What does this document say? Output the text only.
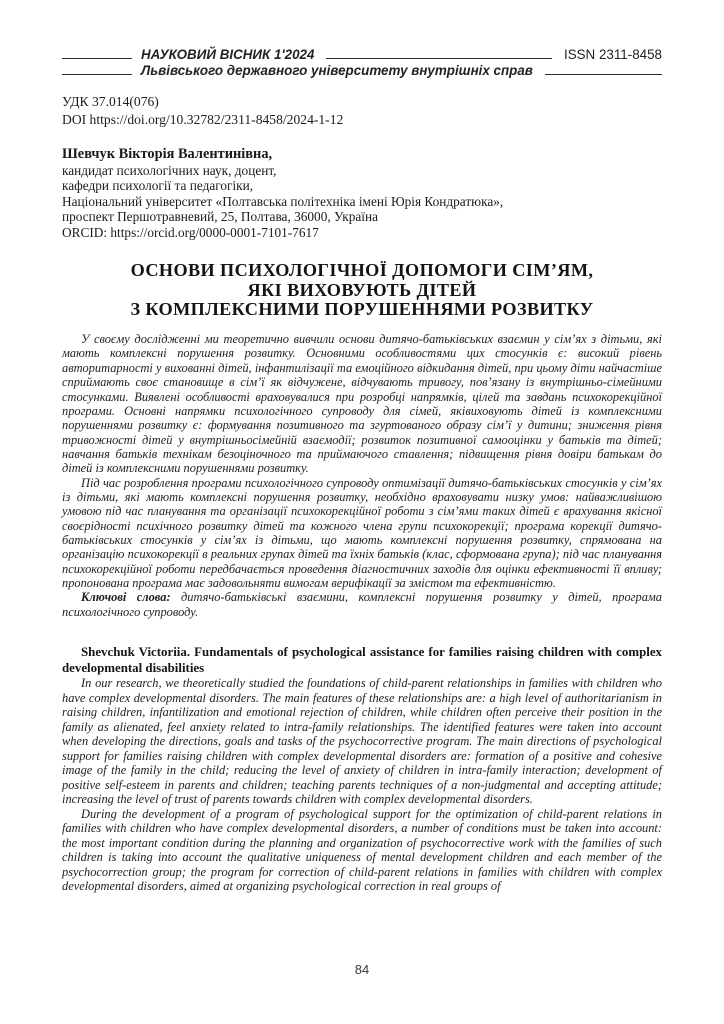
НАУКОВИЙ ВІСНИК 1'2024	ISSN 2311-8458
Львівського державного університету внутрішніх справ
УДК 37.014(076)
DOI https://doi.org/10.32782/2311-8458/2024-1-12
Шевчук Вікторія Валентинівна,
кандидат психологічних наук, доцент,
кафедри психології та педагогіки,
Національний університет «Полтавська політехніка імені Юрія Кондратюка»,
проспект Першотравневий, 25, Полтава, 36000, Україна
ORCID: https://orcid.org/0000-0001-7101-7617
ОСНОВИ ПСИХОЛОГІЧНОЇ ДОПОМОГИ СІМ’ЯМ,
ЯКІ ВИХОВУЮТЬ ДІТЕЙ
З КОМПЛЕКСНИМИ ПОРУШЕННЯМИ РОЗВИТКУ

У своєму дослідженні ми теоретично вивчили основи дитячо-батьківських взаємин у сім’ях з дітьми, які мають комплексні порушення розвитку. Основними особливостями цих стосунків є: високий рівень авторитарності у вихованні дітей, інфантилізації та емоційного відкидання дітей, при цьому діти найчастіше сприймають своє становище в сім’ї як відчужене, відчувають тривогу, пов’язану із внутрішньо-сімейними стосунками. Виявлені особливості враховувалися при розробці напрямків, цілей та завдань психокорекційної програми. Основні напрямки психологічного супроводу для сімей, яківиховують дітей із комплексними порушеннями розвитку є: формування позитивного та згуртованого образу сім’ї у дитини; зниження рівня тривожності дітей у внутрішньосімейній взаємодії; розвиток позитивної самооцінки у батьків та дітей; навчання батьків технікам безоціночного та приймаючого ставлення; підвищення рівня довіри батькам до дітей із комплексними порушеннями розвитку.

Під час розроблення програми психологічного супроводу оптимізації дитячо-батьківських стосунків у сім’ях із дітьми, які мають комплексні порушення розвитку, необхідно враховувати низку умов: найважливішою умовою під час планування та організації психокорекційної роботи з сім’ями таких дітей є врахування якісної своєрідності психічного розвитку дітей та кожного члена групи психокорекції; програма корекції дитячо-батьківських стосунків у сім’ях із дітьми, що мають комплексні порушення розвитку, спрямована на організацію психокорекції в реальних групах дітей та їхніх батьків (клас, сформована група); під час планування психокорекційної роботи передбачається проведення діагностичних заходів для оцінки ефективності її впливу; пропонована програма має задовольняти вимогам верифікації за змістом та ефективністю.

Ключові слова: дитячо-батьківські взаємини, комплексні порушення розвитку у дітей, програма психологічного супроводу.

Shevchuk Victoriia. Fundamentals of psychological assistance for families raising children with complex developmental disabilities

In our research, we theoretically studied the foundations of child-parent relationships in families with children who have complex developmental disorders. The main features of these relationships are: a high level of authoritarianism in raising children, infantilization and emotional rejection of children, while children often perceive their position in the family as alienated, feel anxiety related to intra-family relationships. The identified features were taken into account when developing the directions, goals and tasks of the psychocorrective program. The main directions of psychological support for families raising children with complex developmental disorders are: formation of a positive and cohesive image of the family in the child; reducing the level of anxiety of children in intra-family interaction; development of positive self-esteem in parents and children; teaching parents techniques of a non-judgmental and accepting attitude; increasing the level of trust of parents towards children with complex developmental disorders.

During the development of a program of psychological support for the optimization of child-parent relations in families with children who have complex developmental disorders, a number of conditions must be taken into account: the most important condition during the planning and organization of psychocorrective work with the families of such children is taking into account the qualitative uniqueness of mental development children and each member of the psychocorrection group; the program for correction of child-parent relations in families with children with complex developmental disorders, aimed at organizing psychological correction in real groups of

84
